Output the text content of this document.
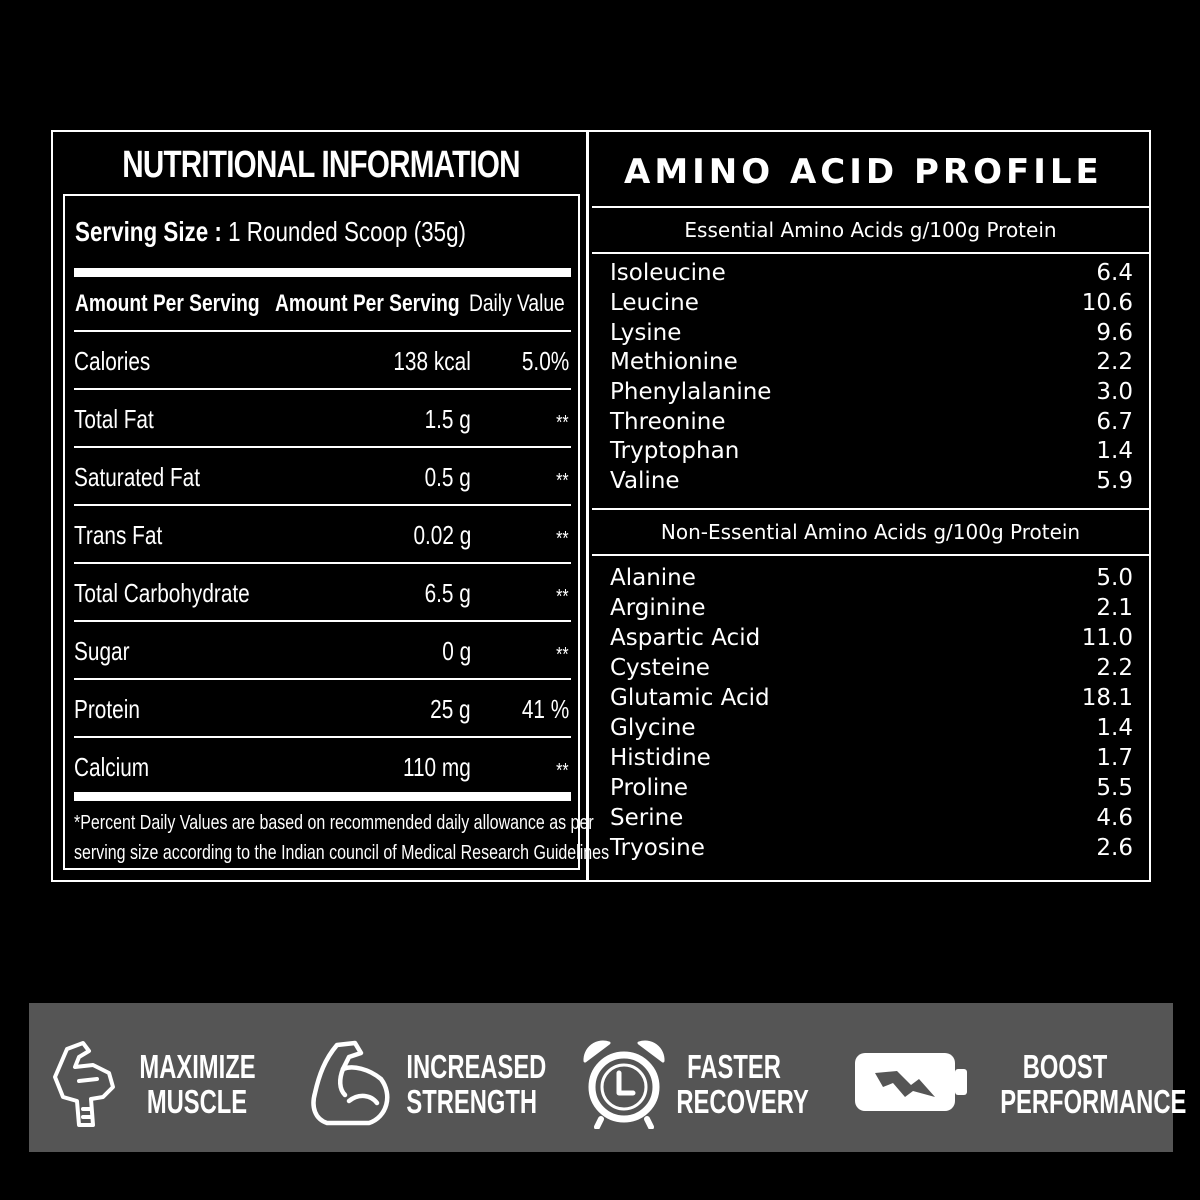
NUTRITIONAL INFORMATION
Serving Size : 1 Rounded Scoop (35g)
Amount Per Serving Amount Per Serving Daily Value
Calories	138 kcal 5.0%
Total Fat	1.5 g	**
Saturated Fat	0.5 g	**
Trans Fat	0.02 g	**
Total Carbohydrate	6.5 g	**
Sugar	0 g	**
Protein	25 g 41 %
Calcium	110 mg	**
*Percent Daily Values are based on recommended daily allowance as per
serving size according to the Indian council of Medical Research Guidelines
AMINO ACID PROFILE
Essential Amino Acids g/100g Protein
Isoleucine	6.4
Leucine	10.6
Lysine	9.6
Methionine	2.2
Phenylalanine	3.0
Threonine	6.7
Tryptophan	1.4
Valine	5.9
Non-Essential Amino Acids g/100g Protein
Alanine	5.0
Arginine	2.1
Aspartic Acid	11.0
Cysteine	2.2
Glutamic Acid	18.1
Glycine	1.4
Histidine	1.7
Proline	5.5
Serine	4.6
Tryosine	2.6
MAXIMIZE
MUSCLE
INCREASED
STRENGTH
FASTER
RECOVERY
BOOST
PERFORMANCE
